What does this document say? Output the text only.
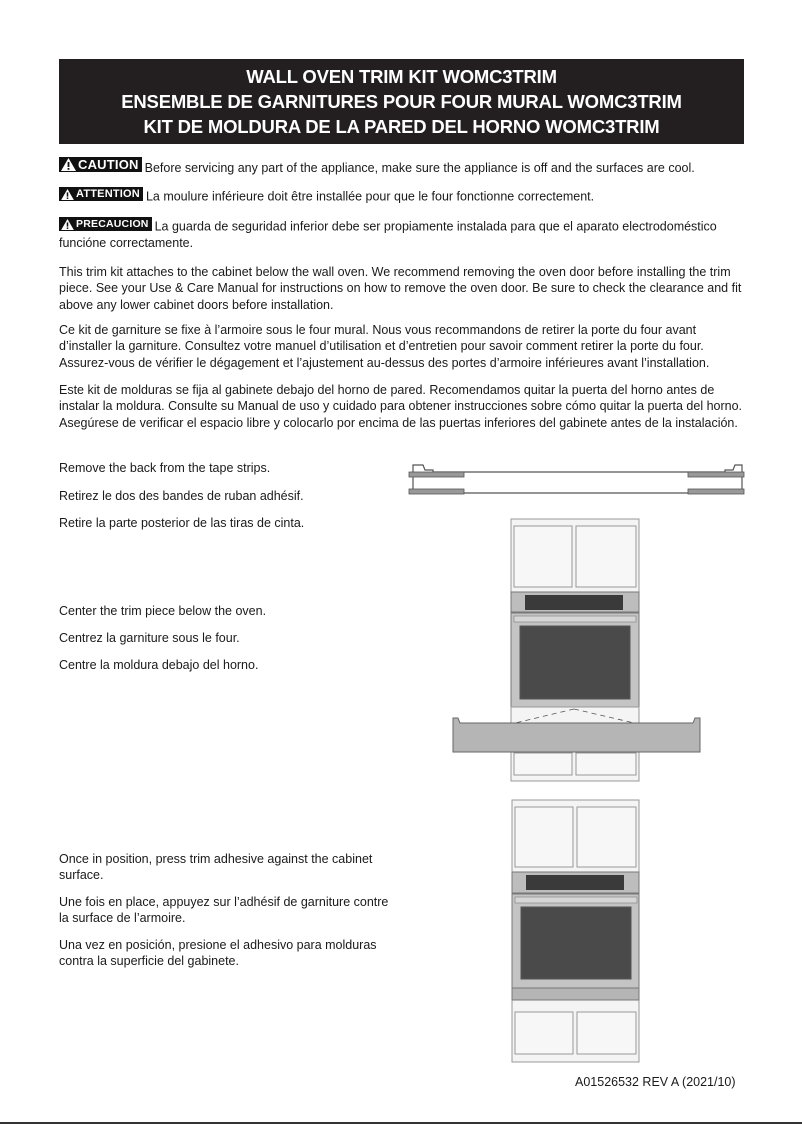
WALL OVEN TRIM KIT WOMC3TRIM
ENSEMBLE DE GARNITURES POUR FOUR MURAL WOMC3TRIM
KIT DE MOLDURA DE LA PARED DEL HORNO WOMC3TRIM
CAUTION Before servicing any part of the appliance, make sure the appliance is off and the surfaces are cool.
ATTENTION La moulure inférieure doit être installée pour que le four fonctionne correctement.
PRECAUCION La guarda de seguridad inferior debe ser propiamente instalada para que el aparato electrodoméstico funcióne correctamente.

This trim kit attaches to the cabinet below the wall oven. We recommend removing the oven door before installing the trim piece. See your Use & Care Manual for instructions on how to remove the oven door. Be sure to check the clearance and fit above any lower cabinet doors before installation.

Ce kit de garniture se fixe à l’armoire sous le four mural. Nous vous recommandons de retirer la porte du four avant d’installer la garniture. Consultez votre manuel d’utilisation et d’entretien pour savoir comment retirer la porte du four. Assurez-vous de vérifier le dégagement et l’ajustement au-dessus des portes d’armoire inférieures avant l’installation.

Este kit de molduras se fija al gabinete debajo del horno de pared. Recomendamos quitar la puerta del horno antes de instalar la moldura. Consulte su Manual de uso y cuidado para obtener instrucciones sobre cómo quitar la puerta del horno. Asegúrese de verificar el espacio libre y colocarlo por encima de las puertas inferiores del gabinete antes de la instalación.

Remove the back from the tape strips.

Retirez le dos des bandes de ruban adhésif.

Retire la parte posterior de las tiras de cinta.

Center the trim piece below the oven.

Centrez la garniture sous le four.

Centre la moldura debajo del horno.

Once in position, press trim adhesive against the cabinet surface.

Une fois en place, appuyez sur l’adhésif de garniture contre la surface de l’armoire.

Una vez en posición, presione el adhesivo para molduras contra la superficie del gabinete.

A01526532 REV A (2021/10)
